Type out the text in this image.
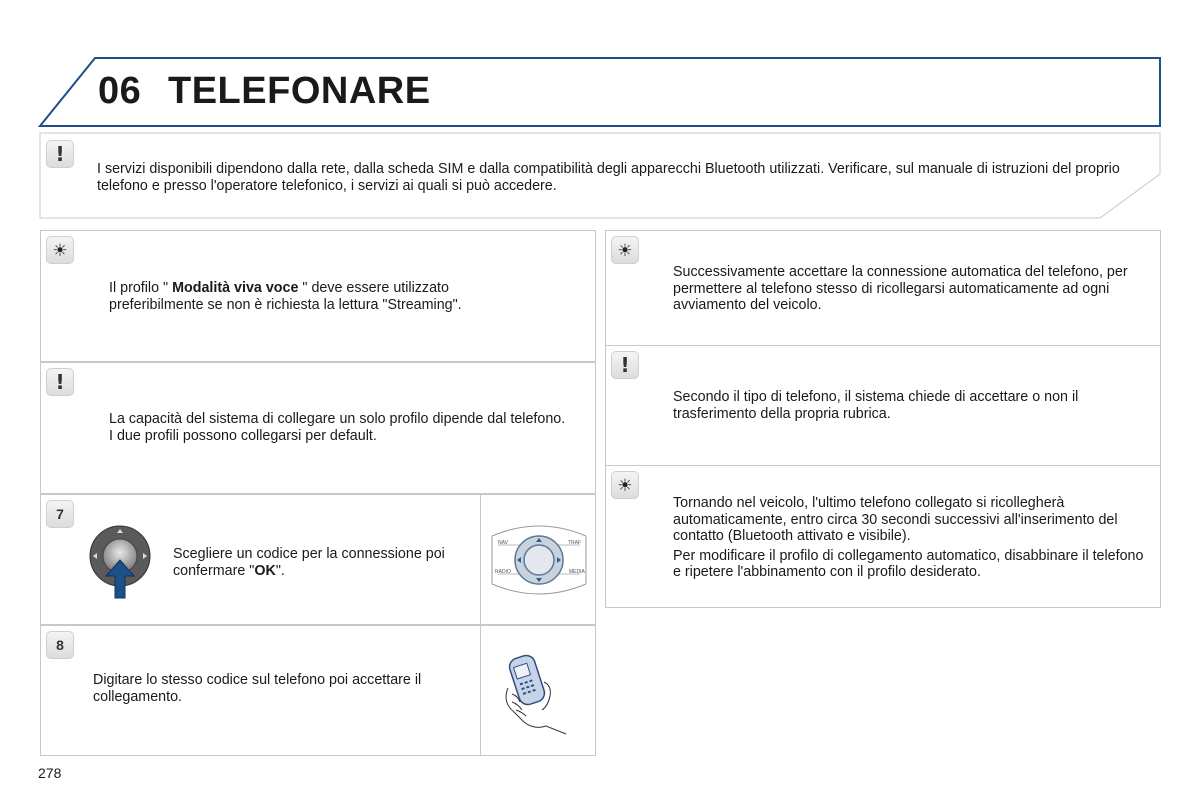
06 TELEFONARE
!
I servizi disponibili dipendono dalla rete, dalla scheda SIM e dalla compatibilità degli apparecchi Bluetooth utilizzati. Verificare, sul manuale di istruzioni del proprio telefono e presso l'operatore telefonico, i servizi ai quali si può accedere.
☀
Il profilo " Modalità viva voce " deve essere utilizzato preferibilmente se non è richiesta la lettura "Streaming".
!
La capacità del sistema di collegare un solo profilo dipende dal telefono. I due profili possono collegarsi per default.
7
Scegliere un codice per la connessione poi confermare "OK".
NAV	TRAF
RADIO	MEDIA
8
Digitare lo stesso codice sul telefono poi accettare il collegamento.
☀
Successivamente accettare la connessione automatica del telefono, per permettere al telefono stesso di ricollegarsi automaticamente ad ogni avviamento del veicolo.
!
Secondo il tipo di telefono, il sistema chiede di accettare o non il trasferimento della propria rubrica.
☀

Tornando nel veicolo, l'ultimo telefono collegato si ricollegherà automaticamente, entro circa 30 secondi successivi all'inserimento del contatto (Bluetooth attivato e visibile).

Per modificare il profilo di collegamento automatico, disabbinare il telefono e ripetere l'abbinamento con il profilo desiderato.

278
